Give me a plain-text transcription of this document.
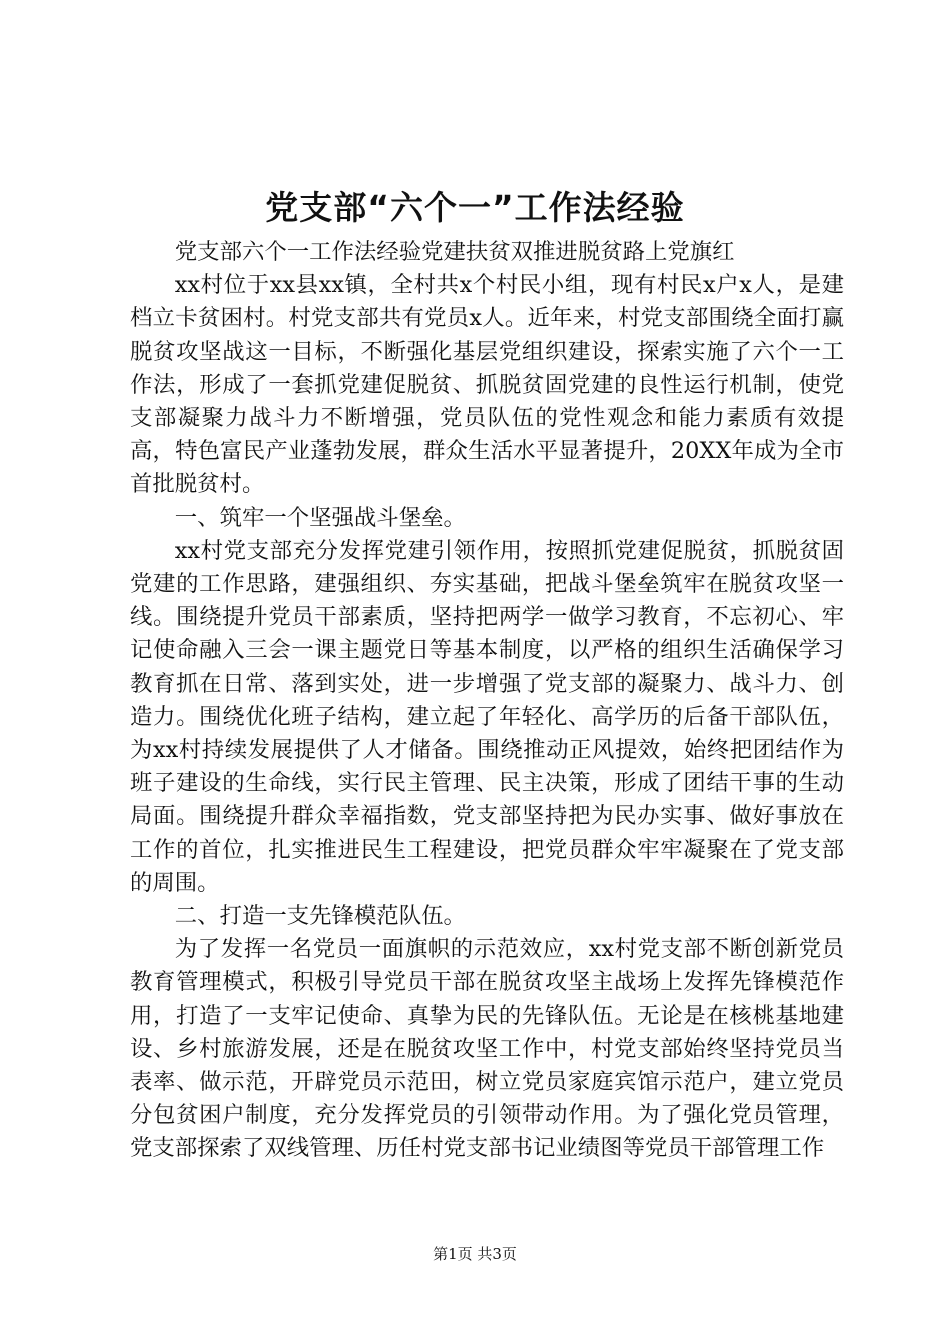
党支部“六个一”工作法经验

党支部六个一工作法经验党建扶贫双推进脱贫路上党旗红

xx村位于xx县xx镇，全村共x个村民小组，现有村民x户x人，是建档立卡贫困村。村党支部共有党员x人。近年来，村党支部围绕全面打赢脱贫攻坚战这一目标，不断强化基层党组织建设，探索实施了六个一工作法，形成了一套抓党建促脱贫、抓脱贫固党建的良性运行机制，使党支部凝聚力战斗力不断增强，党员队伍的党性观念和能力素质有效提高，特色富民产业蓬勃发展，群众生活水平显著提升，20XX年成为全市首批脱贫村。

一、筑牢一个坚强战斗堡垒。

xx村党支部充分发挥党建引领作用，按照抓党建促脱贫，抓脱贫固党建的工作思路，建强组织、夯实基础，把战斗堡垒筑牢在脱贫攻坚一线。围绕提升党员干部素质，坚持把两学一做学习教育，不忘初心、牢记使命融入三会一课主题党日等基本制度，以严格的组织生活确保学习教育抓在日常、落到实处，进一步增强了党支部的凝聚力、战斗力、创造力。围绕优化班子结构，建立起了年轻化、高学历的后备干部队伍，为xx村持续发展提供了人才储备。围绕推动正风提效，始终把团结作为班子建设的生命线，实行民主管理、民主决策，形成了团结干事的生动局面。围绕提升群众幸福指数，党支部坚持把为民办实事、做好事放在工作的首位，扎实推进民生工程建设，把党员群众牢牢凝聚在了党支部的周围。

二、打造一支先锋模范队伍。

为了发挥一名党员一面旗帜的示范效应，xx村党支部不断创新党员教育管理模式，积极引导党员干部在脱贫攻坚主战场上发挥先锋模范作用，打造了一支牢记使命、真挚为民的先锋队伍。无论是在核桃基地建设、乡村旅游发展，还是在脱贫攻坚工作中，村党支部始终坚持党员当表率、做示范，开辟党员示范田，树立党员家庭宾馆示范户，建立党员分包贫困户制度，充分发挥党员的引领带动作用。为了强化党员管理，党支部探索了双线管理、历任村党支部书记业绩图等党员干部管理工作

第1页 共3页
